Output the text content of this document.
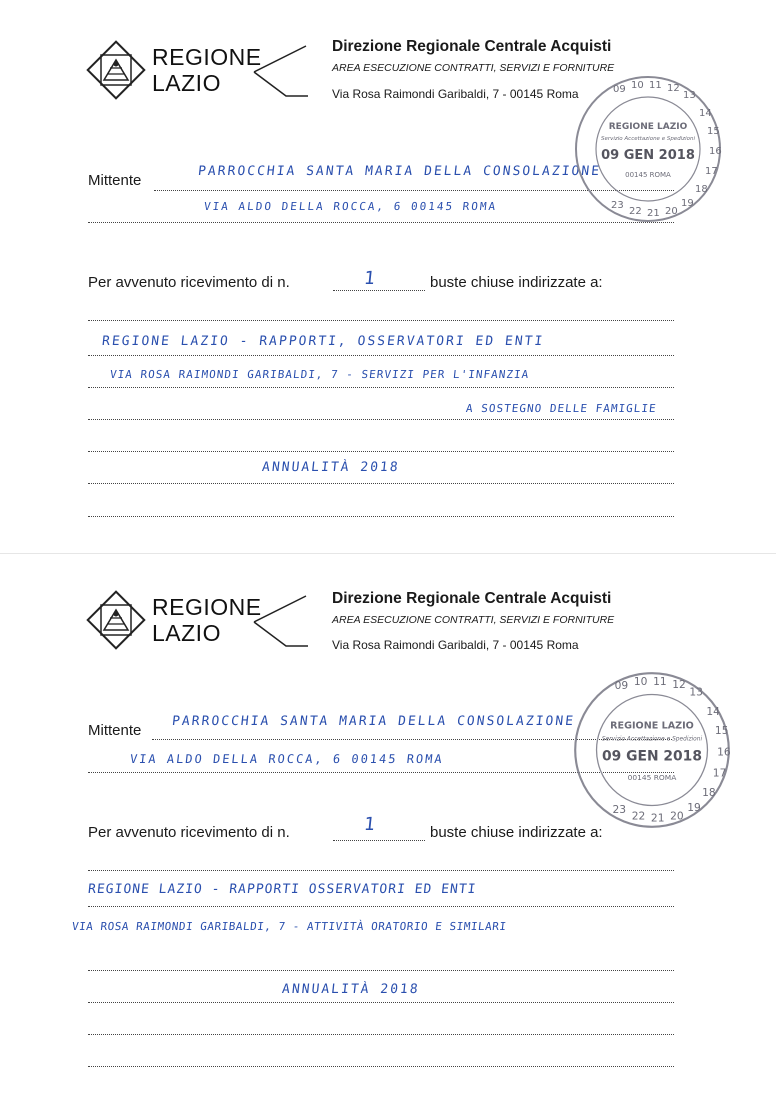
REGIONE
LAZIO
Direzione Regionale Centrale Acquisti
AREA ESECUZIONE CONTRATTI, SERVIZI E FORNITURE
Via Rosa Raimondi Garibaldi, 7 - 00145 Roma
Mittente
PARROCCHIA SANTA MARIA DELLA CONSOLAZIONE
VIA ALDO DELLA ROCCA, 6 00145 ROMA
Per avvenuto ricevimento di n.	1	buste chiuse indirizzate a:
REGIONE LAZIO - RAPPORTI, OSSERVATORI ED ENTI
VIA ROSA RAIMONDI GARIBALDI, 7 - SERVIZI PER L'INFANZIA
A SOSTEGNO DELLE FAMIGLIE
ANNUALITÀ 2018
09 10 11 12
13
14
15
16
17
18
19
20
21
22
23
REGIONE LAZIO
Servizio Accettazione e Spedizioni
09 GEN 2018
00145 ROMA
REGIONE
LAZIO
Direzione Regionale Centrale Acquisti
AREA ESECUZIONE CONTRATTI, SERVIZI E FORNITURE
Via Rosa Raimondi Garibaldi, 7 - 00145 Roma
Mittente
PARROCCHIA SANTA MARIA DELLA CONSOLAZIONE
VIA ALDO DELLA ROCCA, 6 00145 ROMA
Per avvenuto ricevimento di n.	1	buste chiuse indirizzate a:
REGIONE LAZIO - RAPPORTI OSSERVATORI ED ENTI
VIA ROSA RAIMONDI GARIBALDI, 7 - ATTIVITÀ ORATORIO E SIMILARI
ANNUALITÀ 2018
09 10 11 12
13
14
15
16
17
18
19
20
21
22
23
REGIONE LAZIO
Servizio Accettazione e Spedizioni
09 GEN 2018
00145 ROMA
